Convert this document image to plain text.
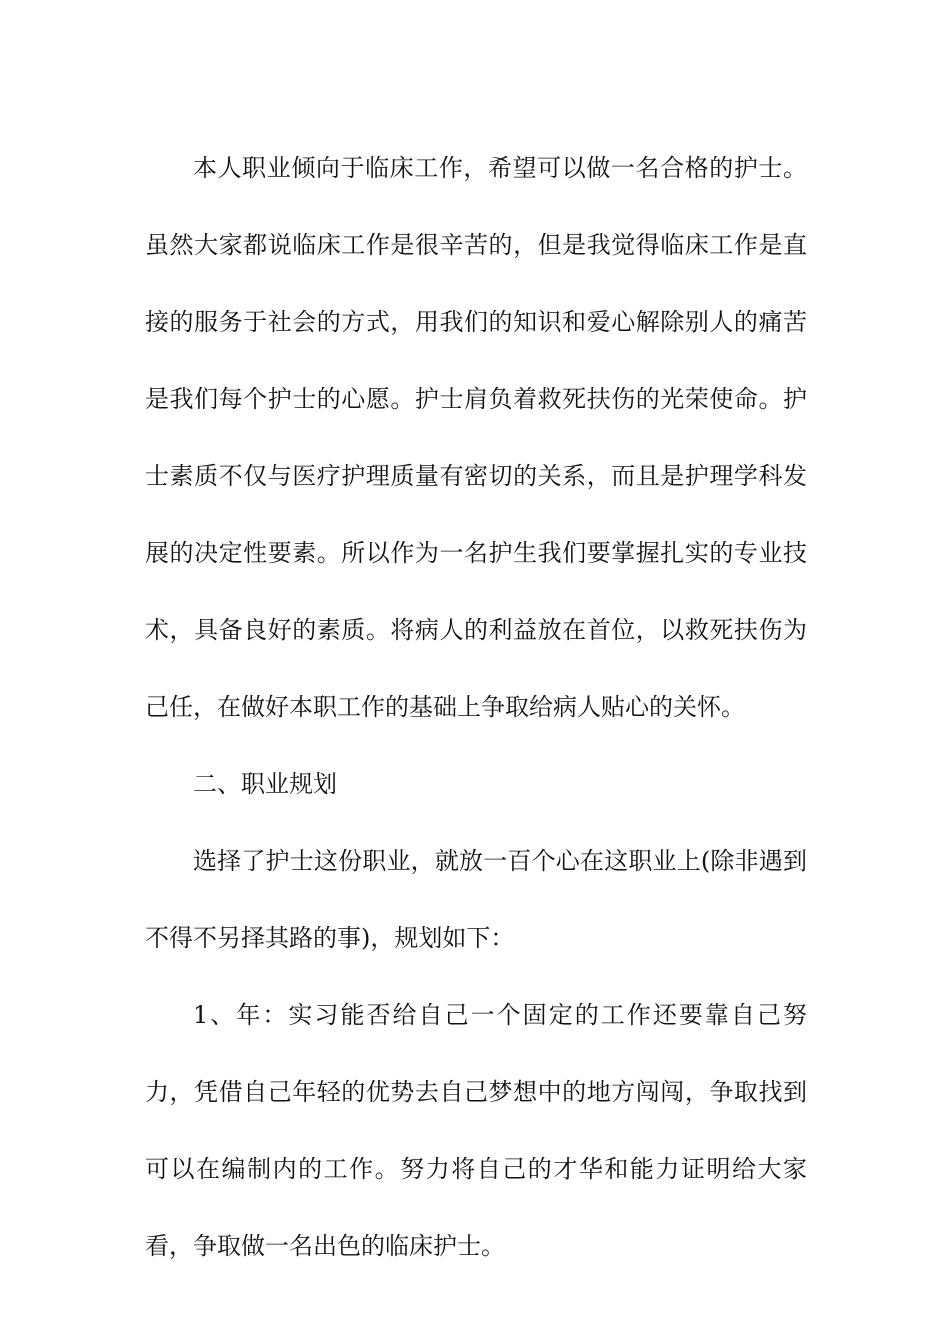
本人职业倾向于临床工作，希望可以做一名合格的护士。虽然大家都说临床工作是很辛苦的，但是我觉得临床工作是直接的服务于社会的方式，用我们的知识和爱心解除别人的痛苦是我们每个护士的心愿。护士肩负着救死扶伤的光荣使命。护士素质不仅与医疗护理质量有密切的关系，而且是护理学科发展的决定性要素。所以作为一名护生我们要掌握扎实的专业技术，具备良好的素质。将病人的利益放在首位，以救死扶伤为己任，在做好本职工作的基础上争取给病人贴心的关怀。

二、职业规划

选择了护士这份职业，就放一百个心在这职业上(除非遇到不得不另择其路的事)，规划如下：

1、年：实习能否给自己一个固定的工作还要靠自己努力，凭借自己年轻的优势去自己梦想中的地方闯闯，争取找到可以在编制内的工作。努力将自己的才华和能力证明给大家看，争取做一名出色的临床护士。
